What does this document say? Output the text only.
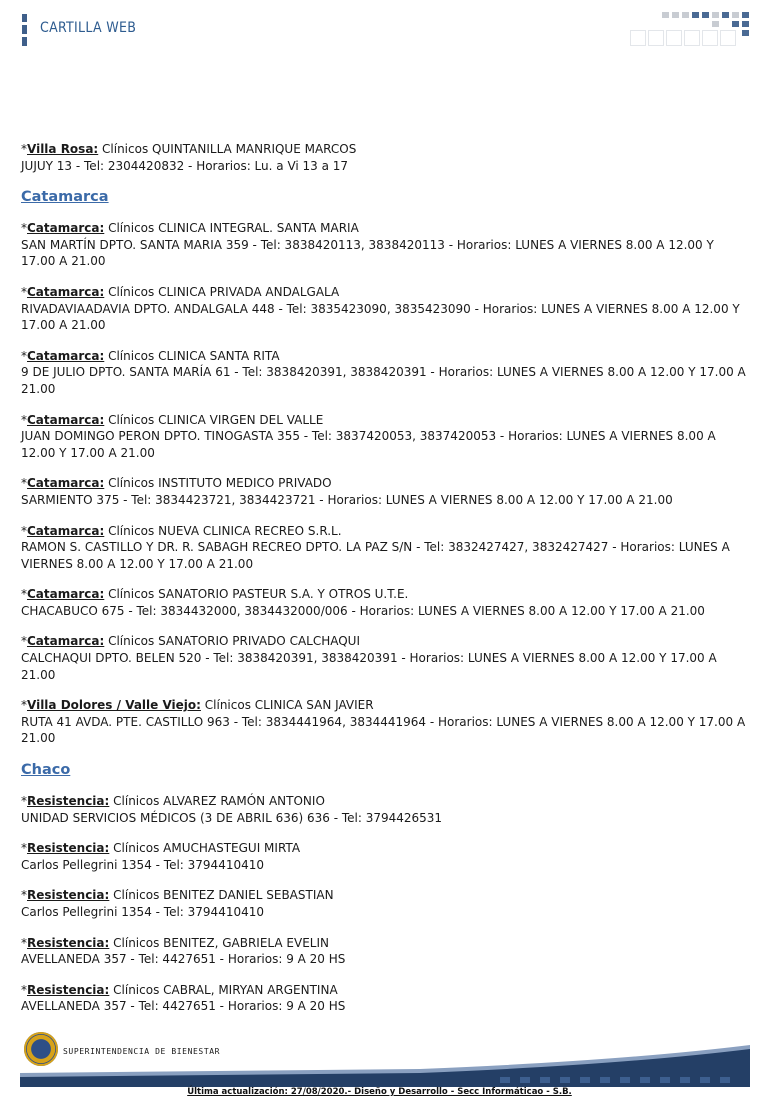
CARTILLA WEB
*Villa Rosa: Clínicos QUINTANILLA MANRIQUE MARCOS
JUJUY 13 - Tel: 2304420832 - Horarios: Lu. a Vi 13 a 17
Catamarca
*Catamarca: Clínicos CLINICA INTEGRAL. SANTA MARIA
SAN MARTÍN DPTO. SANTA MARIA 359 - Tel: 3838420113, 3838420113 - Horarios: LUNES A VIERNES 8.00 A 12.00 Y 17.00 A 21.00
*Catamarca: Clínicos CLINICA PRIVADA ANDALGALA
RIVADAVIAADAVIA DPTO. ANDALGALA 448 - Tel: 3835423090, 3835423090 - Horarios: LUNES A VIERNES 8.00 A 12.00 Y 17.00 A 21.00
*Catamarca: Clínicos CLINICA SANTA RITA
9 DE JULIO DPTO. SANTA MARÍA 61 - Tel: 3838420391, 3838420391 - Horarios: LUNES A VIERNES 8.00 A 12.00 Y 17.00 A 21.00
*Catamarca: Clínicos CLINICA VIRGEN DEL VALLE
JUAN DOMINGO PERON DPTO. TINOGASTA 355 - Tel: 3837420053, 3837420053 - Horarios: LUNES A VIERNES 8.00 A 12.00 Y 17.00 A 21.00
*Catamarca: Clínicos INSTITUTO MEDICO PRIVADO
SARMIENTO 375 - Tel: 3834423721, 3834423721 - Horarios: LUNES A VIERNES 8.00 A 12.00 Y 17.00 A 21.00
*Catamarca: Clínicos NUEVA CLINICA RECREO S.R.L.
RAMON S. CASTILLO Y DR. R. SABAGH RECREO DPTO. LA PAZ S/N - Tel: 3832427427, 3832427427 - Horarios: LUNES A VIERNES 8.00 A 12.00 Y 17.00 A 21.00
*Catamarca: Clínicos SANATORIO PASTEUR S.A. Y OTROS U.T.E.
CHACABUCO 675 - Tel: 3834432000, 3834432000/006 - Horarios: LUNES A VIERNES 8.00 A 12.00 Y 17.00 A 21.00
*Catamarca: Clínicos SANATORIO PRIVADO CALCHAQUI
CALCHAQUI DPTO. BELEN 520 - Tel: 3838420391, 3838420391 - Horarios: LUNES A VIERNES 8.00 A 12.00 Y 17.00 A 21.00
*Villa Dolores / Valle Viejo: Clínicos CLINICA SAN JAVIER
RUTA 41 AVDA. PTE. CASTILLO 963 - Tel: 3834441964, 3834441964 - Horarios: LUNES A VIERNES 8.00 A 12.00 Y 17.00 A 21.00
Chaco
*Resistencia: Clínicos ALVAREZ RAMÓN ANTONIO
UNIDAD SERVICIOS MÉDICOS (3 DE ABRIL 636) 636 - Tel: 3794426531
*Resistencia: Clínicos AMUCHASTEGUI MIRTA
Carlos Pellegrini 1354 - Tel: 3794410410
*Resistencia: Clínicos BENITEZ DANIEL SEBASTIAN
Carlos Pellegrini 1354 - Tel: 3794410410
*Resistencia: Clínicos BENITEZ, GABRIELA EVELIN
AVELLANEDA 357 - Tel: 4427651 - Horarios: 9 A 20 HS
*Resistencia: Clínicos CABRAL, MIRYAN ARGENTINA
AVELLANEDA 357 - Tel: 4427651 - Horarios: 9 A 20 HS
SUPERINTENDENCIA DE BIENESTAR
Última actualización: 27/08/2020.- Diseño y Desarrollo - Secc Informáticao - S.B.
